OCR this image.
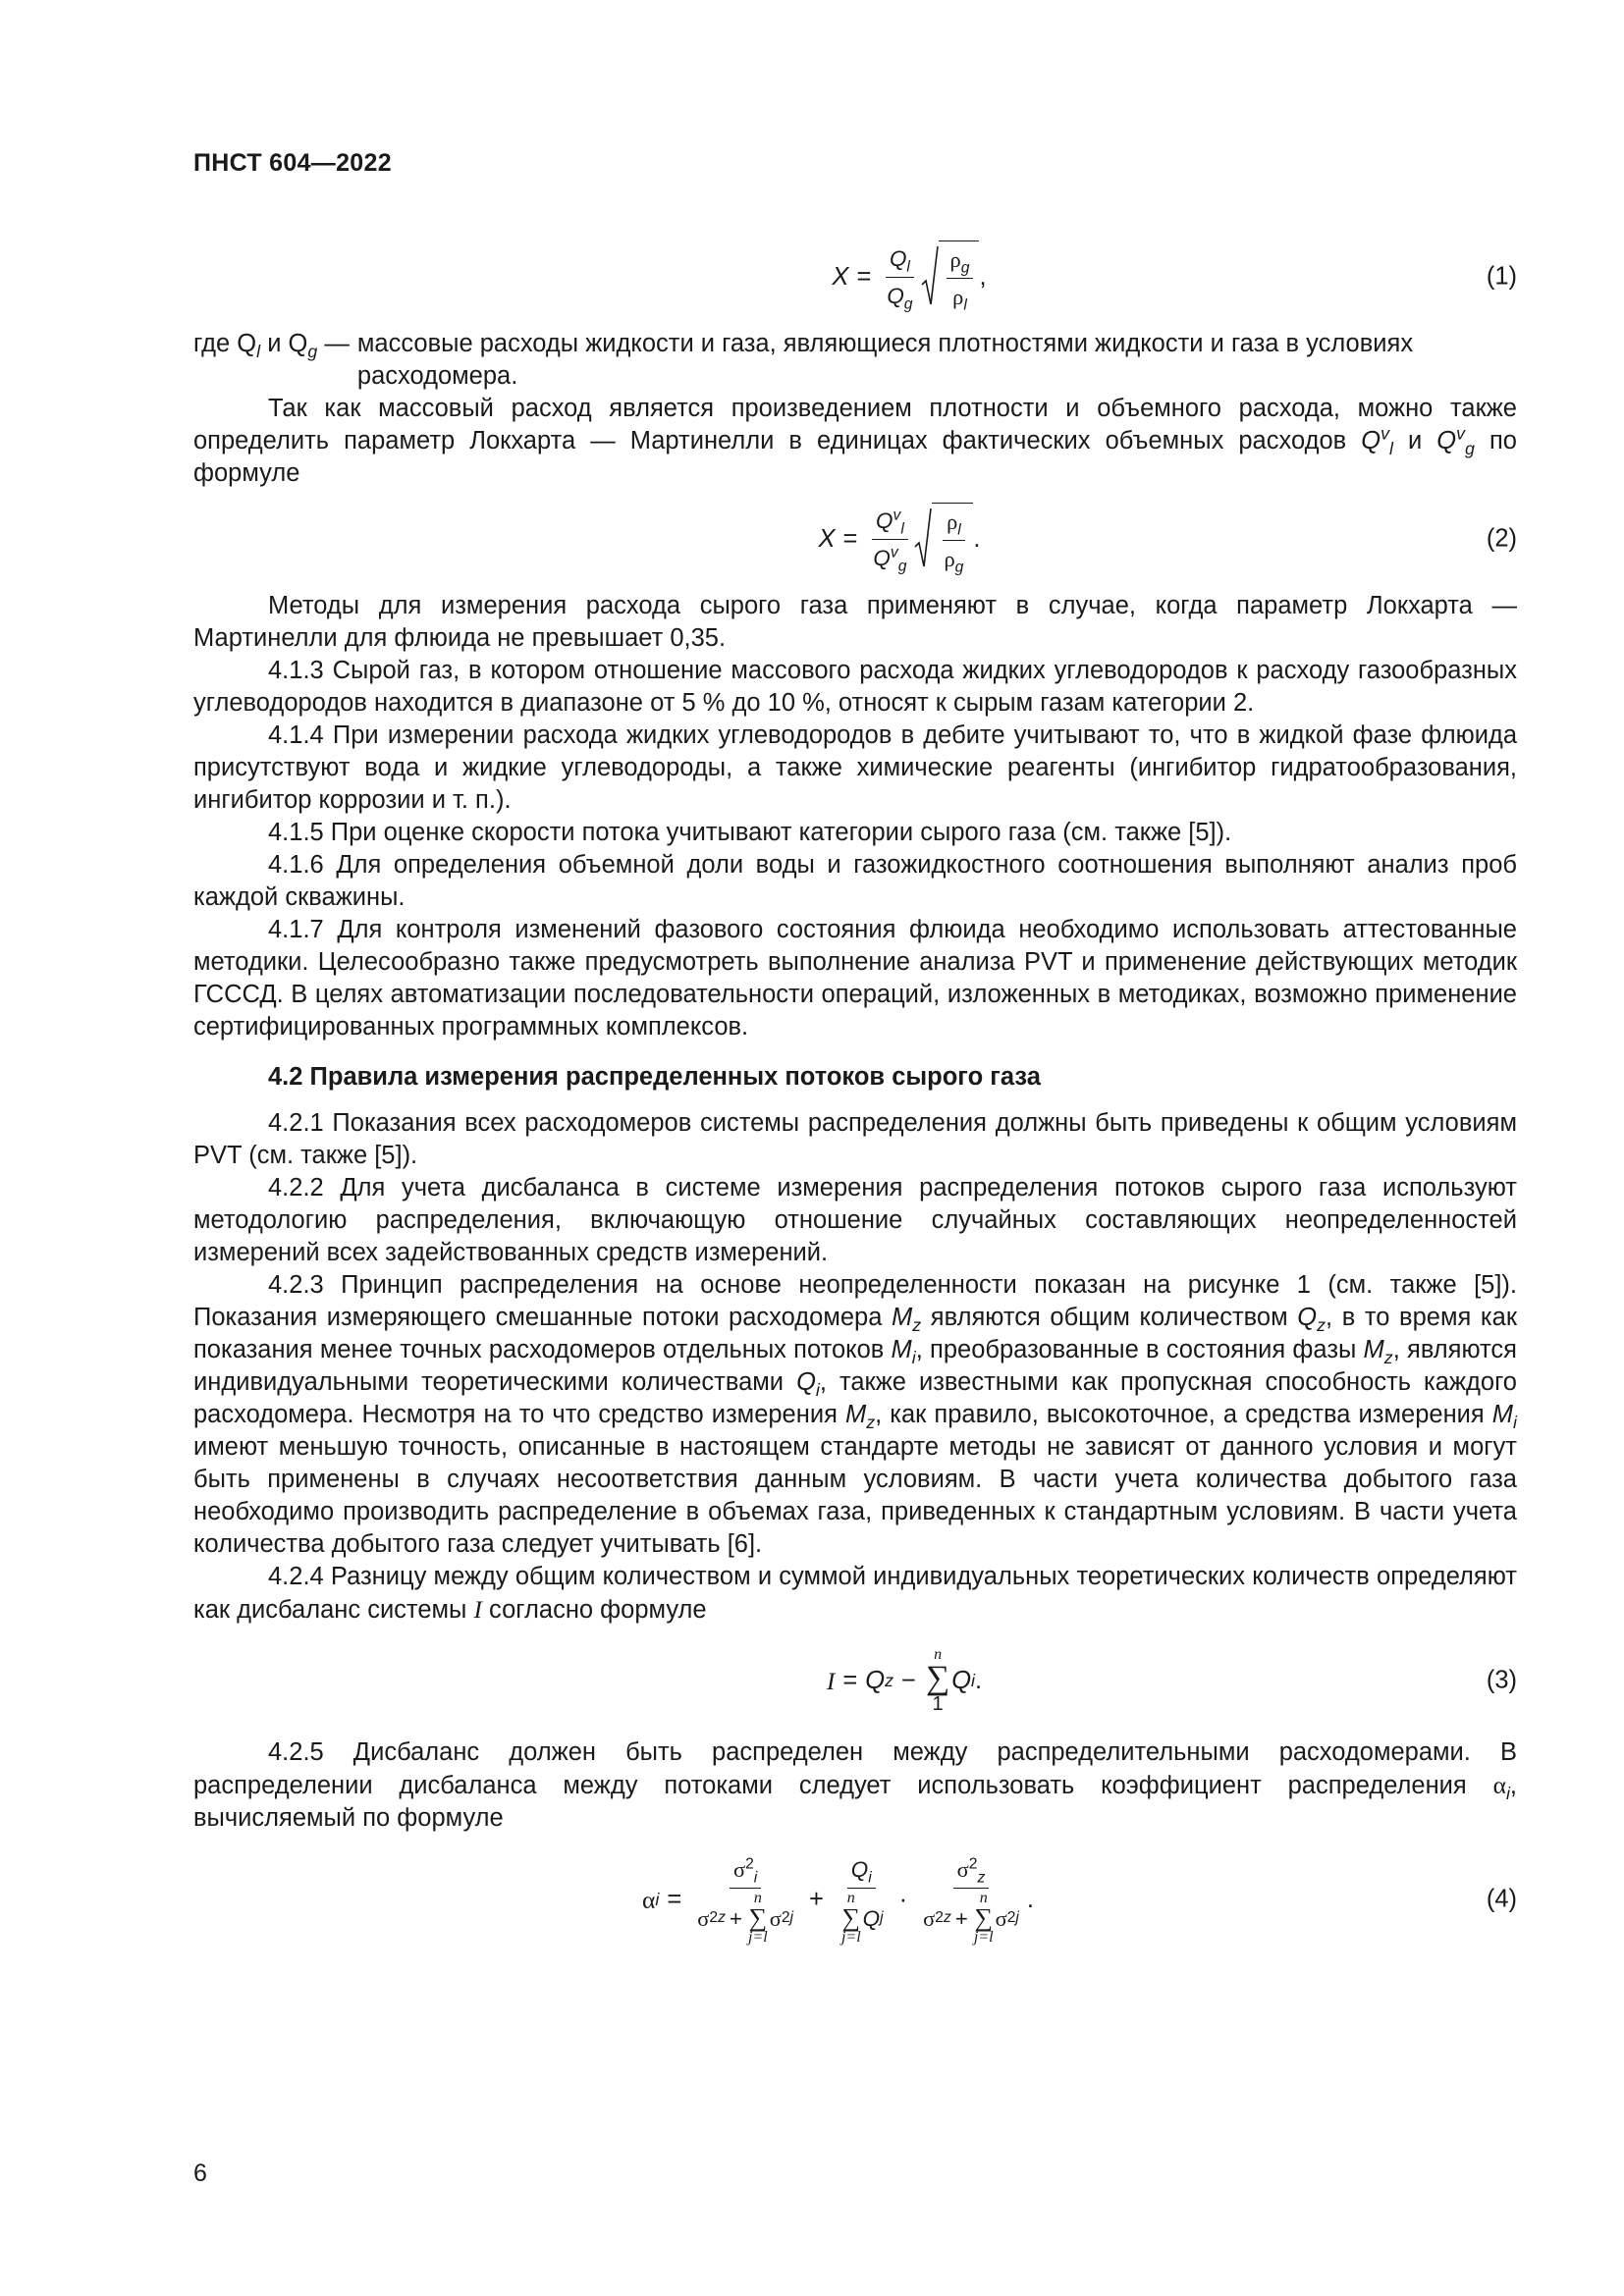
ПНСТ 604—2022
$X = \frac{Q_l}{Q_g} \frac{\rho_g}{\rho_l}$ ,	(1)
где $Q_l$ и $Q_g$ — массовые расходы жидкости и газа, являющиеся плотностями жидкости и газа в условиях расходомера.

Так как массовый расход является произведением плотности и объемного расхода, можно также определить параметр Локхарта — Мартинелли в единицах фактических объемных расходов $Q^v_l$ и $Q^v_g$ по формуле

$X = \frac{Q^v_l}{Q^v_g} \frac{\rho_l}{\rho_g}$ .	(2)

Методы для измерения расхода сырого газа применяют в случае, когда параметр Локхарта — Мартинелли для флюида не превышает 0,35.

4.1.3 Сырой газ, в котором отношение массового расхода жидких углеводородов к расходу газообразных углеводородов находится в диапазоне от 5 % до 10 %, относят к сырым газам категории 2.

4.1.4 При измерении расхода жидких углеводородов в дебите учитывают то, что в жидкой фазе флюида присутствуют вода и жидкие углеводороды, а также химические реагенты (ингибитор гидратообразования, ингибитор коррозии и т. п.).

4.1.5 При оценке скорости потока учитывают категории сырого газа (см. также [5]).

4.1.6 Для определения объемной доли воды и газожидкостного соотношения выполняют анализ проб каждой скважины.

4.1.7 Для контроля изменений фазового состояния флюида необходимо использовать аттестованные методики. Целесообразно также предусмотреть выполнение анализа PVT и применение действующих методик ГСССД. В целях автоматизации последовательности операций, изложенных в методиках, возможно применение сертифицированных программных комплексов.

4.2 Правила измерения распределенных потоков сырого газа

4.2.1 Показания всех расходомеров системы распределения должны быть приведены к общим условиям PVT (см. также [5]).

4.2.2 Для учета дисбаланса в системе измерения распределения потоков сырого газа используют методологию распределения, включающую отношение случайных составляющих неопределенностей измерений всех задействованных средств измерений.

4.2.3 Принцип распределения на основе неопределенности показан на рисунке 1 (см. также [5]). Показания измеряющего смешанные потоки расходомера $M_z$ являются общим количеством $Q_z$, в то время как показания менее точных расходомеров отдельных потоков $M_i$, преобразованные в состояния фазы $M_z$, являются индивидуальными теоретическими количествами $Q_i$, также известными как пропускная способность каждого расходомера. Несмотря на то что средство измерения $M_z$, как правило, высокоточное, а средства измерения $M_i$ имеют меньшую точность, описанные в настоящем стандарте методы не зависят от данного условия и могут быть применены в случаях несоответствия данным условиям. В части учета количества добытого газа необходимо производить распределение в объемах газа, приведенных к стандартным условиям. В части учета количества добытого газа следует учитывать [6].

4.2.4 Разницу между общим количеством и суммой индивидуальных теоретических количеств определяют как дисбаланс системы I согласно формуле

I = Q z −
n
∑
1
Q i .	(3)

4.2.5 Дисбаланс должен быть распределен между распределительными расходомерами. В распределении дисбаланса между потоками следует использовать коэффициент распределения $\alpha_i$, вычисляемый по формуле

α $i = \sigma^2_i$
σ 2 z +
n
∑
j=l
σ 2 $j + Q_i$
n
∑
j=l
Q $j \cdot \sigma^2_z$
σ 2 z +
n
∑
j=l
σ 2 j .	(4)
6
